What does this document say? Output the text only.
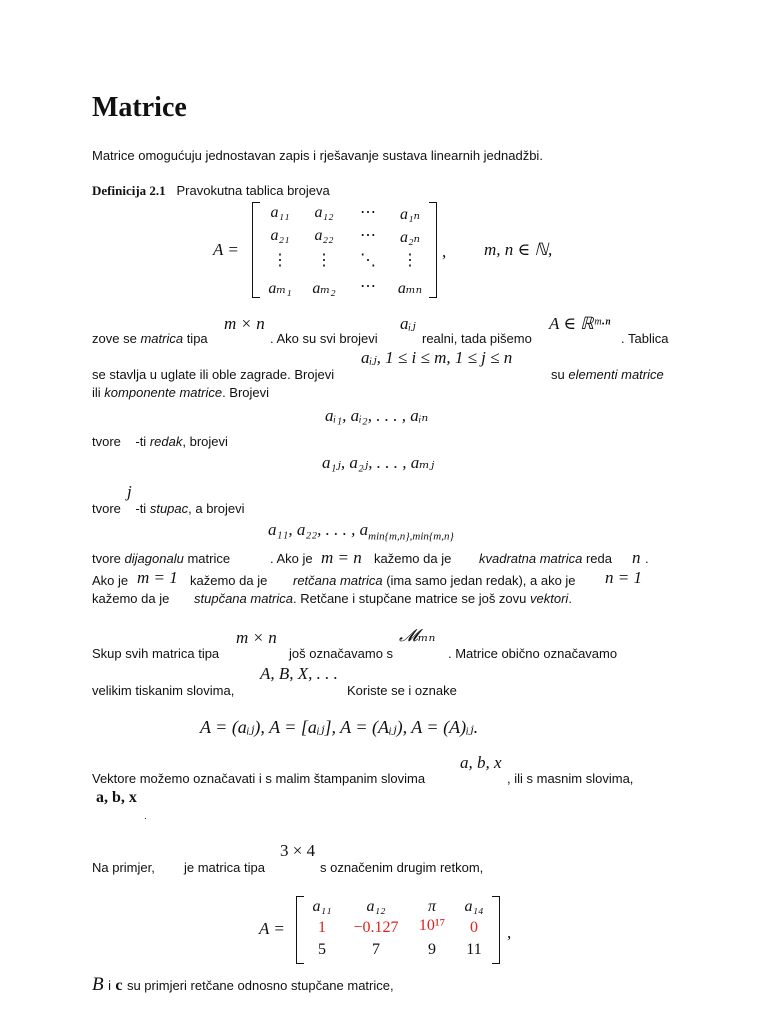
Matrice
Matrice omogućuju jednostavan zapis i rješavanje sustava linearnih jednadžbi.
Definicija 2.1 Pravokutna tablica brojeva
A =
a₁₁	a₁₂	⋯	a₁ₙ
a₂₁	a₂₂	⋯	a₂ₙ
⋮	⋮	⋱	⋮
aₘ₁	aₘ₂	⋯	aₘₙ
, m, n ∈ ℕ,
m × n	aᵢⱼ	A ∈ ℝᵐ·ⁿ
zove se matrica tipa	. Ako su svi brojevi	realni, tada pišemo	. Tablica
aᵢⱼ, 1 ≤ i ≤ m, 1 ≤ j ≤ n
se stavlja u uglate ili oble zagrade. Brojevi	su elementi matrice
ili komponente matrice. Brojevi
aᵢ₁, aᵢ₂, . . . , aᵢₙ
tvore -ti redak, brojevi
a₁ⱼ, a₂ⱼ, . . . , aₘⱼ
j
tvore -ti stupac, a brojevi
a₁₁, a₂₂, . . . , $a_{min\{m,n\},min\{m,n\}}$
tvore dijagonalu matrice	. Ako je m = n kažemo da je kvadratna matrica reda n .
Ako je m = 1 kažemo da je retčana matrica (ima samo jedan redak), a ako je n = 1
kažemo da je stupčana matrica. Retčane i stupčane matrice se još zovu vektori.
m × n	𝓜ₘₙ
Skup svih matrica tipa	još označavamo s	. Matrice obično označavamo
A, B, X, . . .
velikim tiskanim slovima,	Koriste se i oznake
A = (aᵢⱼ), A = [aᵢⱼ], A = (Aᵢⱼ), A = (A)ᵢⱼ.
a, b, x
Vektore možemo označavati i s malim štampanim slovima	, ili s masnim slovima,
a, b, x
.
3 × 4
Na primjer, je matrica tipa	s označenim drugim retkom,
A =
a₁₁	a₁₂	π	a₁₄
1	−0.127	10¹⁷	0
5	7	9	11
,
B i c su primjeri retčane odnosno stupčane matrice,
